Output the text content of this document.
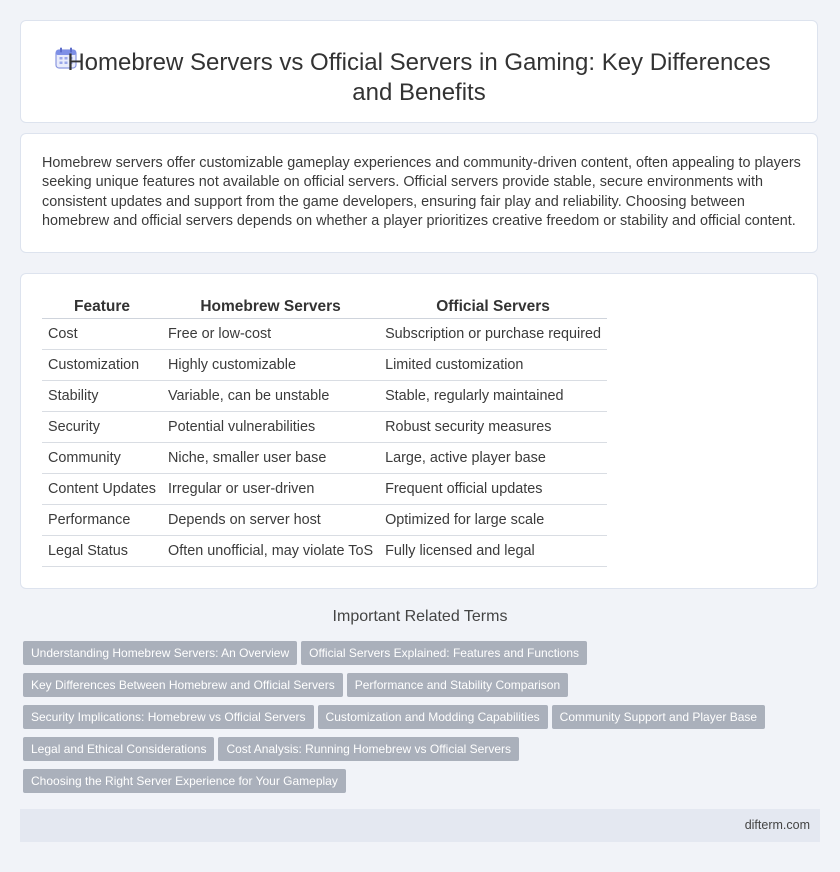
Homebrew Servers vs Official Servers in Gaming: Key Differences and Benefits

Homebrew servers offer customizable gameplay experiences and community-driven content, often appealing to players seeking unique features not available on official servers. Official servers provide stable, secure environments with consistent updates and support from the game developers, ensuring fair play and reliability. Choosing between homebrew and official servers depends on whether a player prioritizes creative freedom or stability and official content.

Feature	Homebrew Servers	Official Servers
Cost	Free or low-cost	Subscription or purchase required
Customization	Highly customizable	Limited customization
Stability	Variable, can be unstable	Stable, regularly maintained
Security	Potential vulnerabilities	Robust security measures
Community	Niche, smaller user base	Large, active player base
Content Updates	Irregular or user-driven	Frequent official updates
Performance	Depends on server host	Optimized for large scale
Legal Status	Often unofficial, may violate ToS	Fully licensed and legal
Important Related Terms
Understanding Homebrew Servers: An Overview Official Servers Explained: Features and Functions
Key Differences Between Homebrew and Official Servers Performance and Stability Comparison
Security Implications: Homebrew vs Official Servers Customization and Modding Capabilities Community Support and Player Base
Legal and Ethical Considerations Cost Analysis: Running Homebrew vs Official Servers
Choosing the Right Server Experience for Your Gameplay
difterm.com
